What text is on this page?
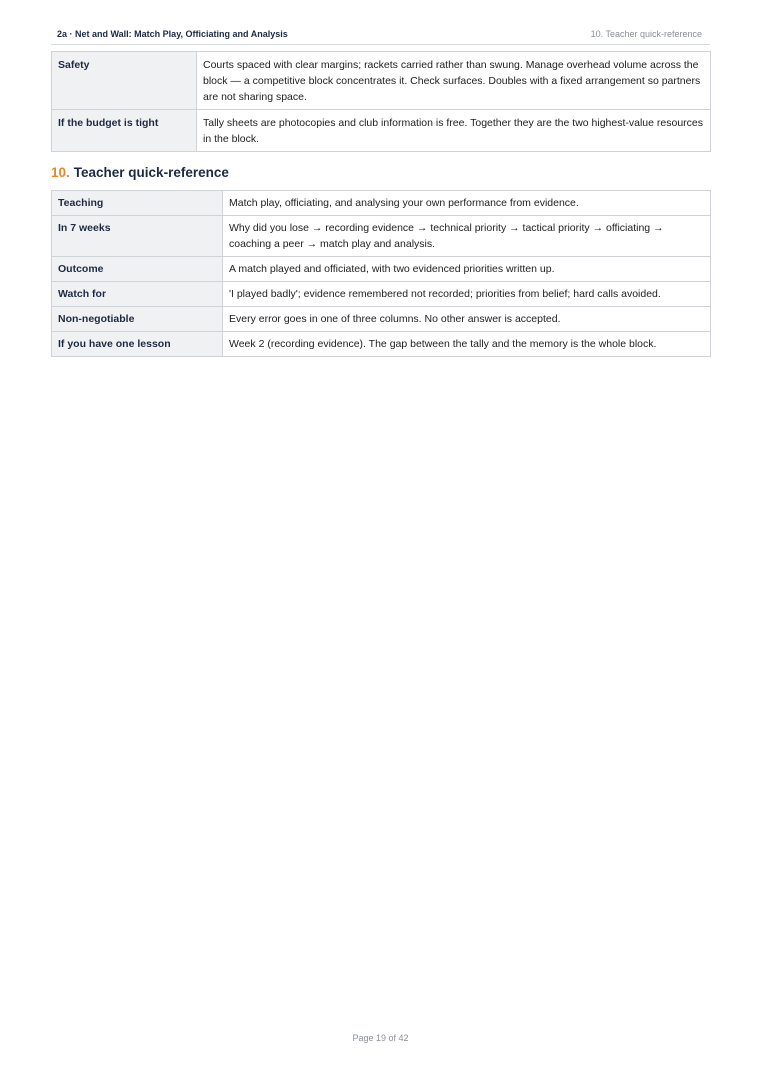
2a · Net and Wall: Match Play, Officiating and Analysis	10. Teacher quick-reference
Safety	Courts spaced with clear margins; rackets carried rather than swung. Manage overhead volume across the block — a competitive block concentrates it. Check surfaces. Doubles with a fixed arrangement so partners are not sharing space.
If the budget is tight	Tally sheets are photocopies and club information is free. Together they are the two highest-value resources in the block.
10. Teacher quick-reference
Teaching	Match play, officiating, and analysing your own performance from evidence.
In 7 weeks	Why did you lose → recording evidence → technical priority → tactical priority → officiating → coaching a peer → match play and analysis.
Outcome	A match played and officiated, with two evidenced priorities written up.
Watch for	'I played badly'; evidence remembered not recorded; priorities from belief; hard calls avoided.
Non-negotiable	Every error goes in one of three columns. No other answer is accepted.
If you have one lesson	Week 2 (recording evidence). The gap between the tally and the memory is the whole block.
Page 19 of 42
